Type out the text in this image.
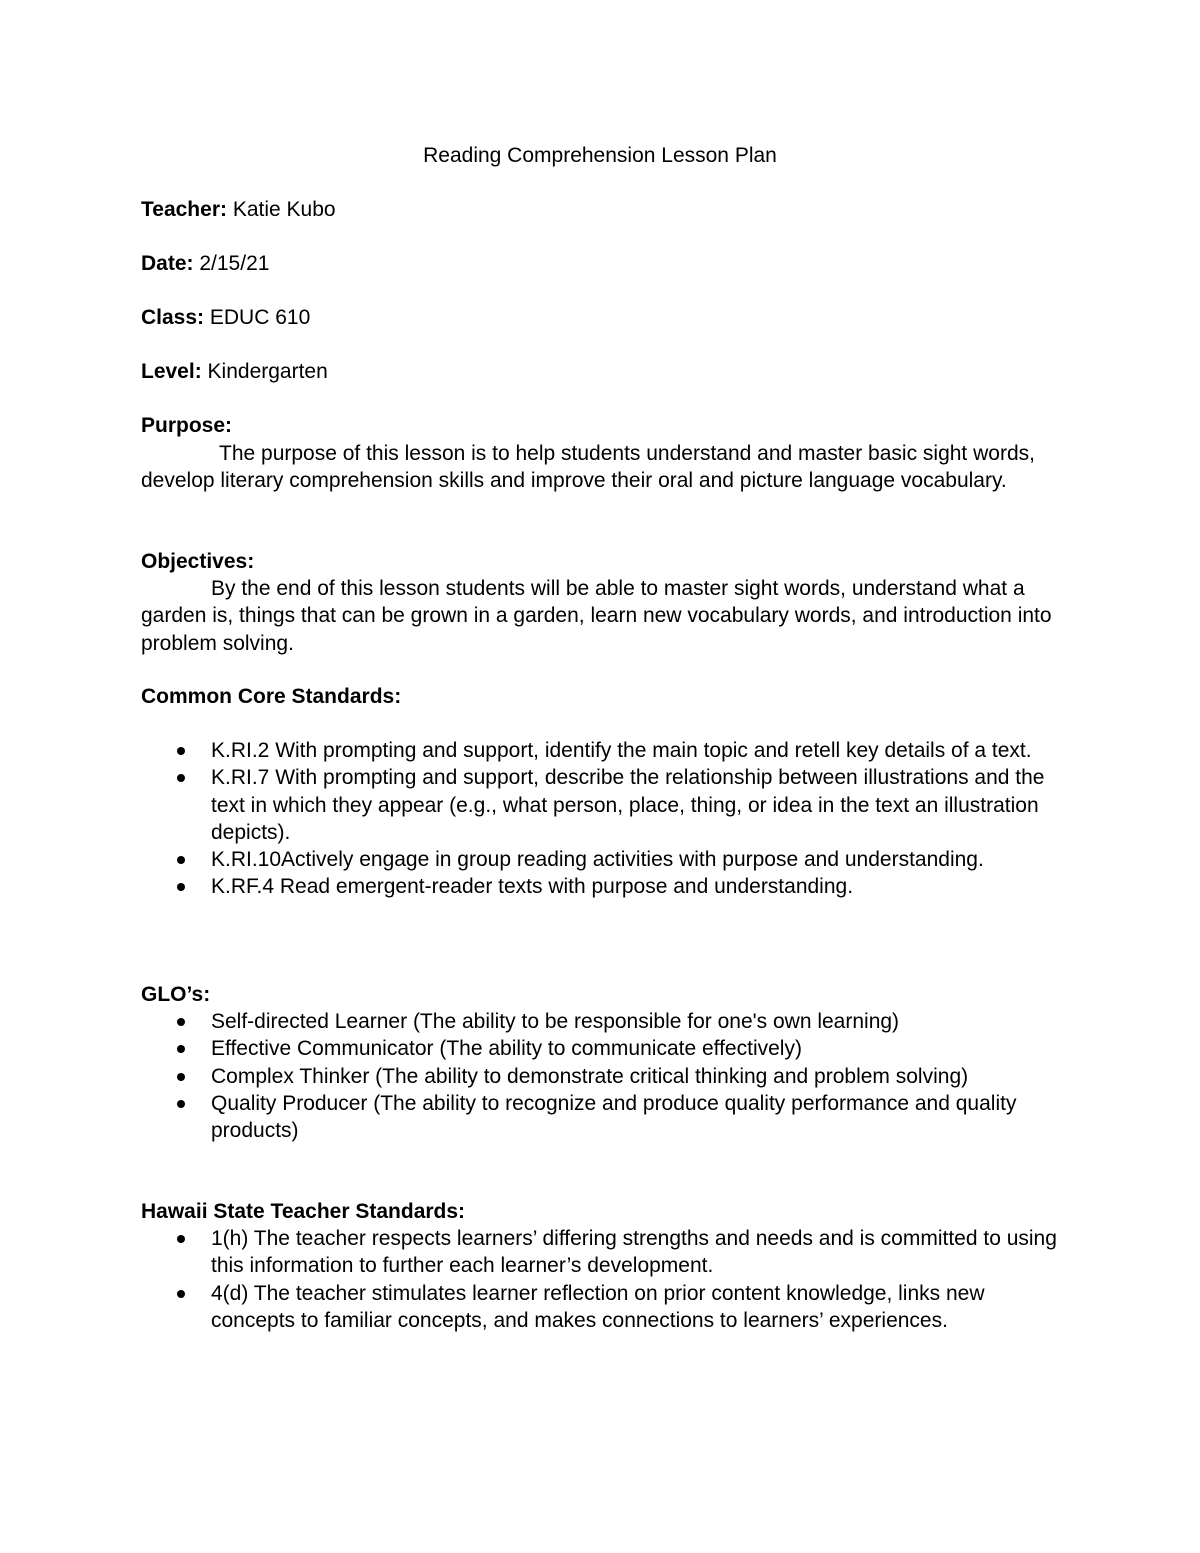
Reading Comprehension Lesson Plan
Teacher: Katie Kubo
Date: 2/15/21
Class: EDUC 610
Level: Kindergarten
Purpose:

The purpose of this lesson is to help students understand and master basic sight words, develop literary comprehension skills and improve their oral and picture language vocabulary.

Objectives:

By the end of this lesson students will be able to master sight words, understand what a garden is, things that can be grown in a garden, learn new vocabulary words, and introduction into problem solving.

Common Core Standards:
K.RI.2 With prompting and support, identify the main topic and retell key details of a text.
K.RI.7 With prompting and support, describe the relationship between illustrations and the text in which they appear (e.g., what person, place, thing, or idea in the text an illustration depicts).
K.RI.10Actively engage in group reading activities with purpose and understanding.
K.RF.4 Read emergent-reader texts with purpose and understanding.
GLO’s:
Self-directed Learner (The ability to be responsible for one's own learning)
Effective Communicator (The ability to communicate effectively)
Complex Thinker (The ability to demonstrate critical thinking and problem solving)
Quality Producer (The ability to recognize and produce quality performance and quality products)
Hawaii State Teacher Standards:
1(h) The teacher respects learners’ differing strengths and needs and is committed to using this information to further each learner’s development.
4(d) The teacher stimulates learner reflection on prior content knowledge, links new concepts to familiar concepts, and makes connections to learners’ experiences.
